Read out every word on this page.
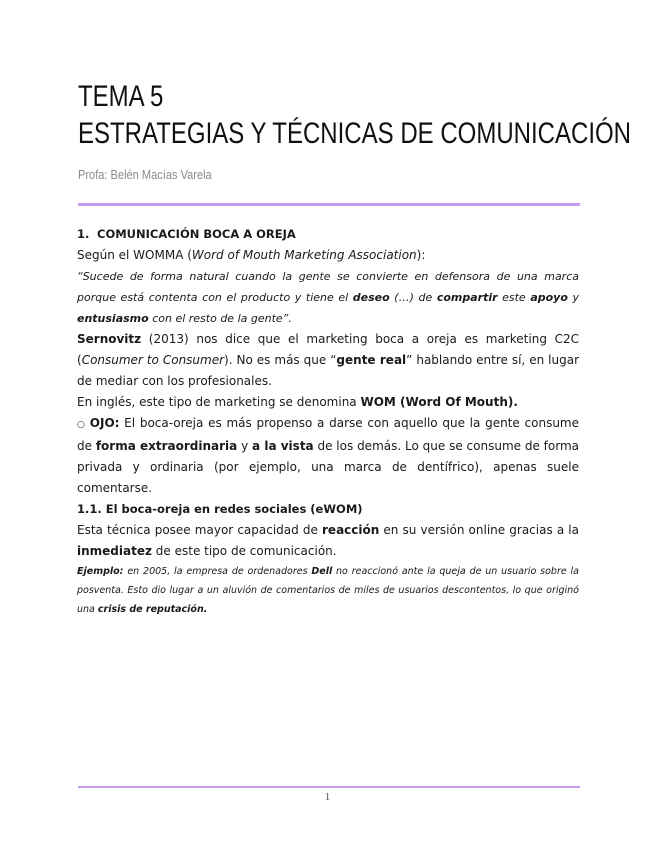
TEMA 5
ESTRATEGIAS Y TÉCNICAS DE COMUNICACIÓN
Profa: Belén Macías Varela

1. COMUNICACIÓN BOCA A OREJA

Según el WOMMA (Word of Mouth Marketing Association):

“Sucede de forma natural cuando la gente se convierte en defensora de una marca porque está contenta con el producto y tiene el deseo (…) de compartir este apoyo y entusiasmo con el resto de la gente”.

Sernovitz (2013) nos dice que el marketing boca a oreja es marketing C2C (Consumer to Consumer). No es más que “gente real” hablando entre sí, en lugar de mediar con los profesionales.

En inglés, este tipo de marketing se denomina WOM (Word Of Mouth).

○ OJO: El boca-oreja es más propenso a darse con aquello que la gente consume de forma extraordinaria y a la vista de los demás. Lo que se consume de forma privada y ordinaria (por ejemplo, una marca de dentífrico), apenas suele comentarse.

1.1. El boca-oreja en redes sociales (eWOM)

Esta técnica posee mayor capacidad de reacción en su versión online gracias a la inmediatez de este tipo de comunicación.

Ejemplo: en 2005, la empresa de ordenadores Dell no reaccionó ante la queja de un usuario sobre la posventa. Esto dio lugar a un aluvión de comentarios de miles de usuarios descontentos, lo que originó una crisis de reputación.

1
